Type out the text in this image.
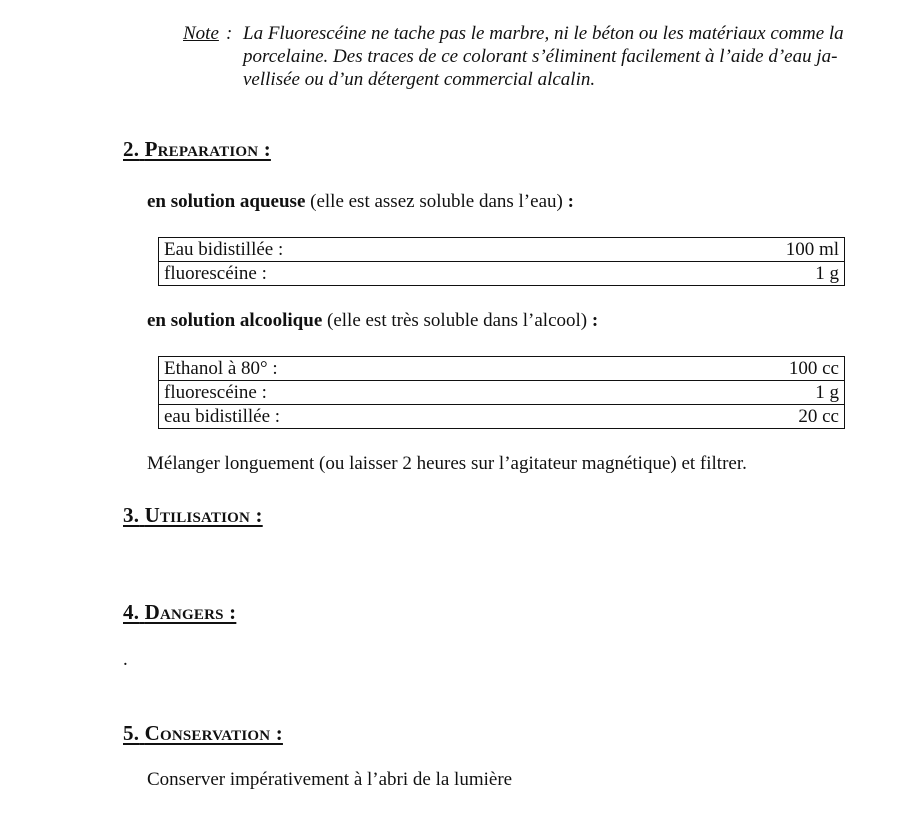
Note : La Fluorescéine ne tache pas le marbre, ni le béton ou les matériaux comme la
porcelaine. Des traces de ce colorant s’éliminent facilement à l’aide d’eau ja-
vellisée ou d’un détergent commercial alcalin.
2. Preparation :
en solution aqueuse (elle est assez soluble dans l’eau) :
Eau bidistillée :	100 ml
fluorescéine :	1 g
en solution alcoolique (elle est très soluble dans l’alcool) :
Ethanol à 80° :	100 cc
fluorescéine :	1 g
eau bidistillée :	20 cc
Mélanger longuement (ou laisser 2 heures sur l’agitateur magnétique) et filtrer.
3. Utilisation :
4. Dangers :
.
5. Conservation :
Conserver impérativement à l’abri de la lumière
